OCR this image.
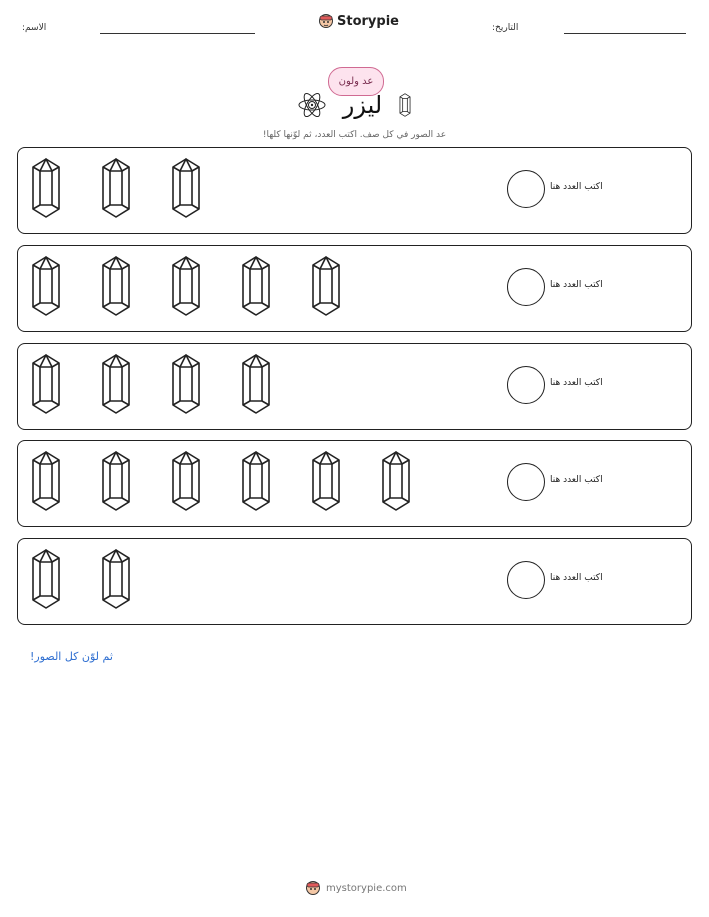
الاسم:	Storypie	التاريخ:
عد ولون
ليزر
عد الصور في كل صف. اكتب العدد، ثم لوّنها كلها!
اكتب العدد هنا
اكتب العدد هنا
اكتب العدد هنا
اكتب العدد هنا
اكتب العدد هنا
ثم لوّن كل الصور!
mystorypie.com
